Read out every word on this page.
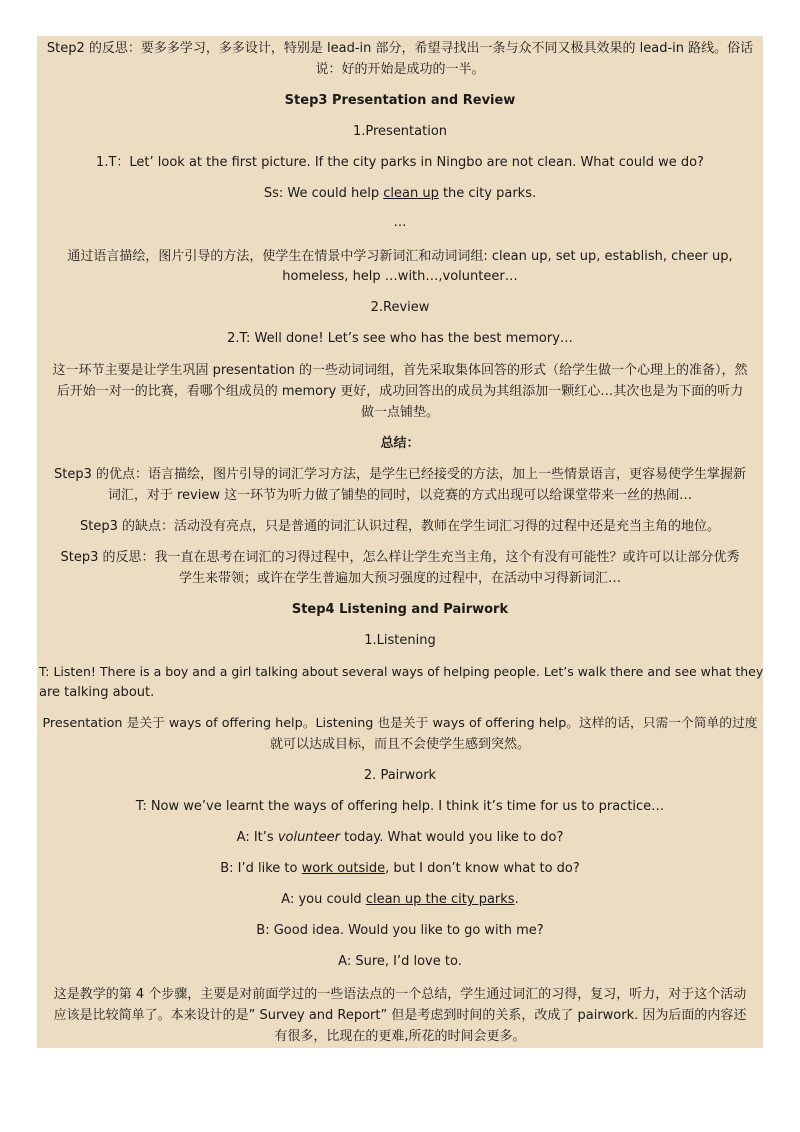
Step2 的反思：要多多学习，多多设计，特别是 lead-in 部分，希望寻找出一条与众不同又极具效果的 lead-in 路线。俗话
说：好的开始是成功的一半。
Step3 Presentation and Review
1.Presentation
1.T：Let’ look at the first picture. If the city parks in Ningbo are not clean. What could we do?
Ss: We could help clean up the city parks.
…
通过语言描绘，图片引导的方法，使学生在情景中学习新词汇和动词词组: clean up, set up, establish, cheer up,
homeless, help …with…,volunteer…
2.Review
2.T: Well done! Let’s see who has the best memory…
这一环节主要是让学生巩固 presentation 的一些动词词组，首先采取集体回答的形式（给学生做一个心理上的准备），然
后开始一对一的比赛，看哪个组成员的 memory 更好，成功回答出的成员为其组添加一颗红心…其次也是为下面的听力
做一点铺垫。
总结：
Step3 的优点：语言描绘，图片引导的词汇学习方法，是学生已经接受的方法，加上一些情景语言，更容易使学生掌握新
词汇，对于 review 这一环节为听力做了铺垫的同时，以竞赛的方式出现可以给课堂带来一丝的热闹…
Step3 的缺点：活动没有亮点，只是普通的词汇认识过程，教师在学生词汇习得的过程中还是充当主角的地位。
Step3 的反思：我一直在思考在词汇的习得过程中，怎么样让学生充当主角，这个有没有可能性？或许可以让部分优秀
学生来带领；或许在学生普遍加大预习强度的过程中，在活动中习得新词汇…
Step4 Listening and Pairwork
1.Listening
T: Listen! There is a boy and a girl talking about several ways of helping people. Let’s walk there and see what they
are talking about.
Presentation 是关于 ways of offering help。Listening 也是关于 ways of offering help。这样的话，只需一个简单的过度
就可以达成目标，而且不会使学生感到突然。
2. Pairwork
T: Now we’ve learnt the ways of offering help. I think it’s time for us to practice…
A: It’s volunteer today. What would you like to do?
B: I’d like to work outside, but I don’t know what to do?
A: you could clean up the city parks.
B: Good idea. Would you like to go with me?
A: Sure, I’d love to.
这是教学的第 4 个步骤，主要是对前面学过的一些语法点的一个总结，学生通过词汇的习得，复习，听力，对于这个活动
应该是比较简单了。本来设计的是” Survey and Report” 但是考虑到时间的关系，改成了 pairwork. 因为后面的内容还
有很多，比现在的更难,所花的时间会更多。
